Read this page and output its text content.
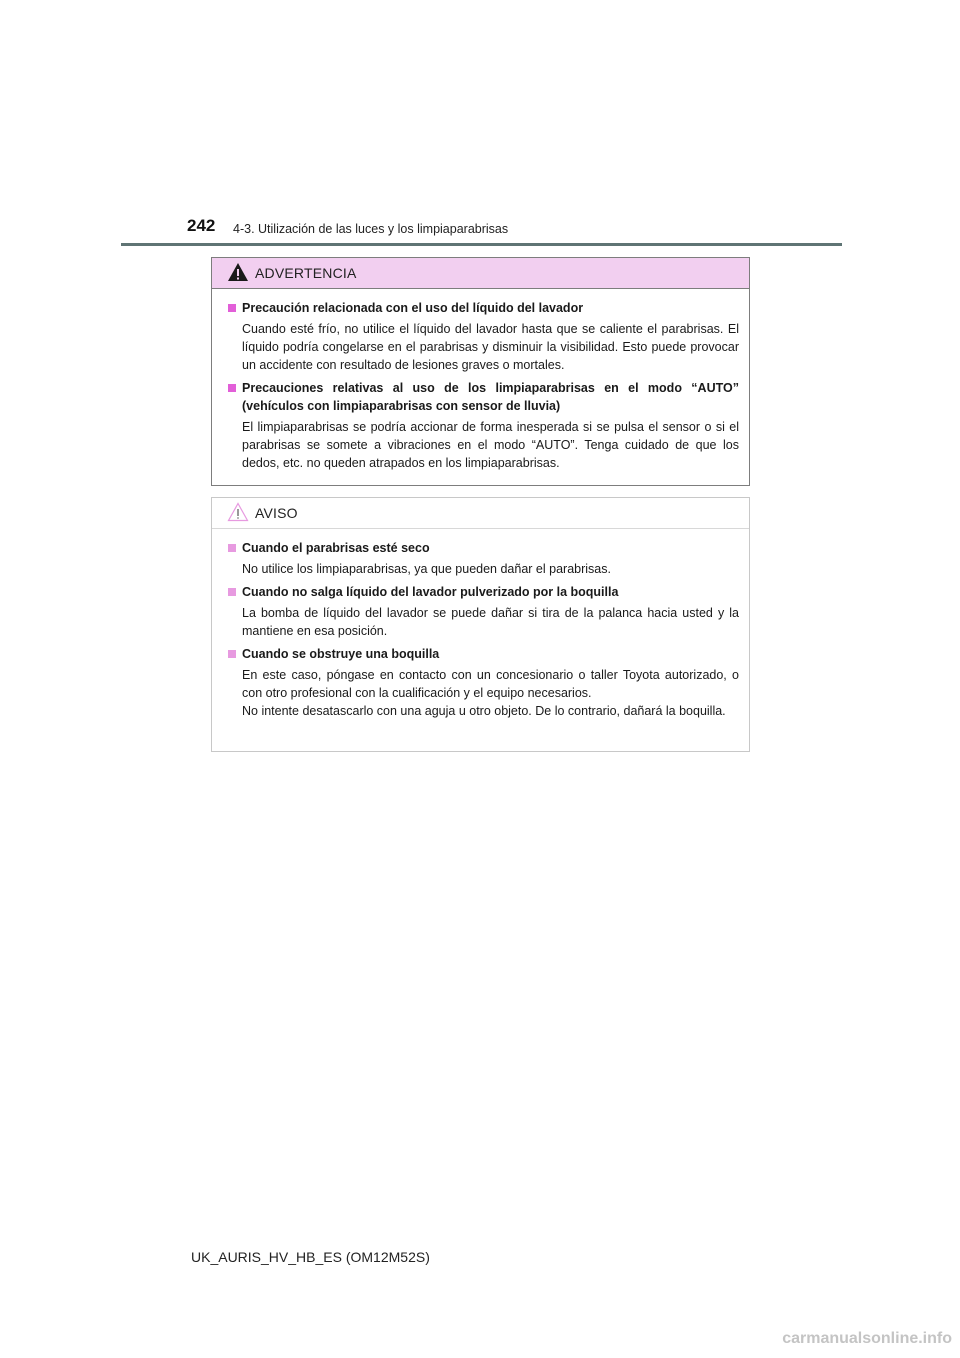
242 4-3. Utilización de las luces y los limpiaparabrisas
ADVERTENCIA
Precaución relacionada con el uso del líquido del lavador
Cuando esté frío, no utilice el líquido del lavador hasta que se caliente el parabrisas. El líquido podría congelarse en el parabrisas y disminuir la visibilidad. Esto puede provocar un accidente con resultado de lesiones graves o mortales.
Precauciones relativas al uso de los limpiaparabrisas en el modo “AUTO” (vehículos con limpiaparabrisas con sensor de lluvia)
El limpiaparabrisas se podría accionar de forma inesperada si se pulsa el sensor o si el parabrisas se somete a vibraciones en el modo “AUTO”. Tenga cuidado de que los dedos, etc. no queden atrapados en los limpiaparabrisas.
AVISO
Cuando el parabrisas esté seco
No utilice los limpiaparabrisas, ya que pueden dañar el parabrisas.
Cuando no salga líquido del lavador pulverizado por la boquilla
La bomba de líquido del lavador se puede dañar si tira de la palanca hacia usted y la mantiene en esa posición.
Cuando se obstruye una boquilla

En este caso, póngase en contacto con un concesionario o taller Toyota autorizado, o con otro profesional con la cualificación y el equipo necesarios.

No intente desatascarlo con una aguja u otro objeto. De lo contrario, dañará la boquilla.

UK_AURIS_HV_HB_ES (OM12M52S)
carmanualsonline.info
